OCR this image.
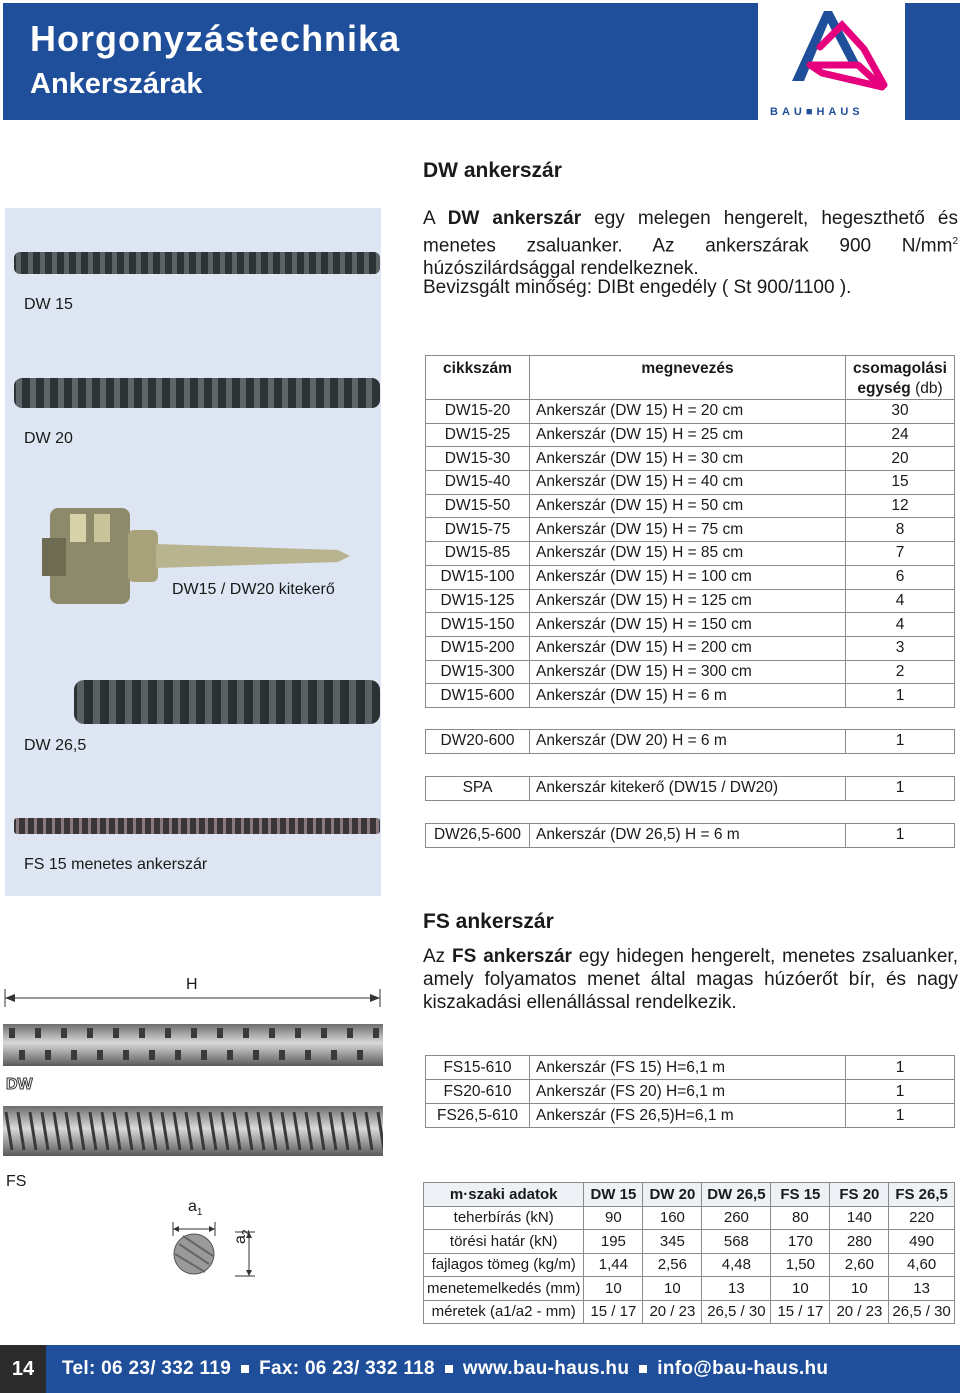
Horgonyzástechnika
Ankerszárak
BAU■HAUS
DW 15
DW 20
DW15 / DW20 kitekerő
DW 26,5
FS 15 menetes ankerszár
DW ankerszár
A DW ankerszár egy melegen hengerelt, hegeszthető és menetes zsaluanker. Az ankerszárak 900 $N/mm^2$ húzószilárdsággal rendelkeznek.
Bevizsgált minőség: DIBt engedély ( St 900/1100 ).
cikkszám	megnevezés	csomagolási
egység (db)
DW15-20	Ankerszár (DW 15) H = 20 cm	30
DW15-25	Ankerszár (DW 15) H = 25 cm	24
DW15-30	Ankerszár (DW 15) H = 30 cm	20
DW15-40	Ankerszár (DW 15) H = 40 cm	15
DW15-50	Ankerszár (DW 15) H = 50 cm	12
DW15-75	Ankerszár (DW 15) H = 75 cm	8
DW15-85	Ankerszár (DW 15) H = 85 cm	7
DW15-100	Ankerszár (DW 15) H = 100 cm	6
DW15-125	Ankerszár (DW 15) H = 125 cm	4
DW15-150	Ankerszár (DW 15) H = 150 cm	4
DW15-200	Ankerszár (DW 15) H = 200 cm	3
DW15-300	Ankerszár (DW 15) H = 300 cm	2
DW15-600	Ankerszár (DW 15) H = 6 m	1
DW20-600	Ankerszár (DW 20) H = 6 m	1
SPA	Ankerszár kitekerő (DW15 / DW20)	1
DW26,5-600	Ankerszár (DW 26,5) H = 6 m	1
FS ankerszár
Az FS ankerszár egy hidegen hengerelt, menetes zsaluanker, amely folyamatos menet által magas húzóerőt bír, és nagy kiszakadási ellenállással rendelkezik.
H
DW
FS
$a_1$
$a_2$
FS15-610	Ankerszár (FS 15) H=6,1 m	1
FS20-610	Ankerszár (FS 20) H=6,1 m	1
FS26,5-610	Ankerszár (FS 26,5)H=6,1 m	1
m·szaki adatok	DW 15	DW 20	DW 26,5	FS 15	FS 20	FS 26,5
teherbírás (kN)	90	160	260	80	140	220
törési határ (kN)	195	345	568	170	280	490
fajlagos tömeg (kg/m)	1,44	2,56	4,48	1,50	2,60	4,60
menetemelkedés (mm)	10	10	13	10	10	13
méretek (a1/a2 - mm)	15 / 17	20 / 23	26,5 / 30	15 / 17	20 / 23	26,5 / 30
14	Tel: 06 23/ 332 119 Fax: 06 23/ 332 118 www.bau-haus.hu info@bau-haus.hu
